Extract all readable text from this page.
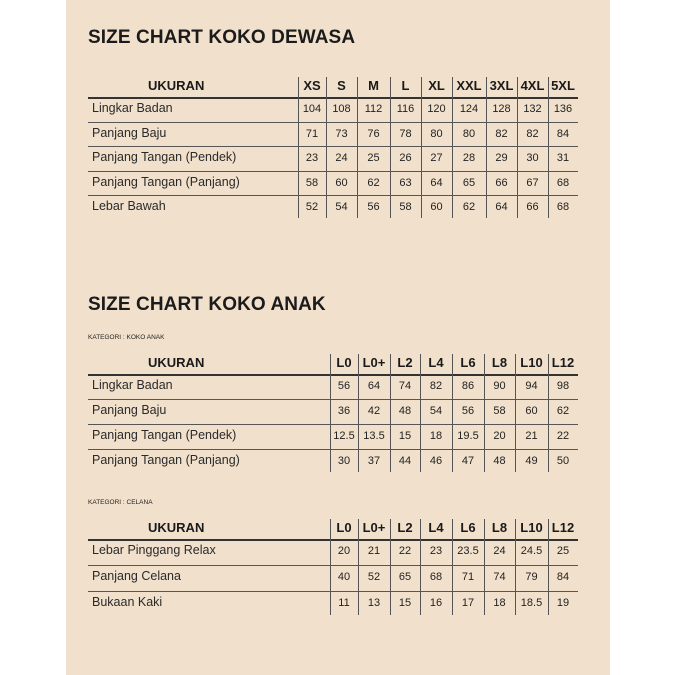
SIZE CHART KOKO DEWASA
SIZE CHART KOKO ANAK
KATEGORI : KOKO ANAK
KATEGORI : CELANA
UKURAN	XS	S	M	L	XL XXL 3XL 4XL 5XL
Lingkar Badan	104	108	112	116	120	124	128	132	136
Panjang Baju	71	73	76	78	80	80	82	82	84
Panjang Tangan (Pendek)	23	24	25	26	27	28	29	30	31
Panjang Tangan (Panjang)	58	60	62	63	64	65	66	67	68
Lebar Bawah	52	54	56	58	60	62	64	66	68
UKURAN	L0 L0+ L2	L4	L6	L8	L10 L12
Lingkar Badan	56	64	74	82	86	90	94	98
Panjang Baju	36	42	48	54	56	58	60	62
Panjang Tangan (Pendek)	12.5 13.5	15	18	19.5	20	21	22
Panjang Tangan (Panjang)	30	37	44	46	47	48	49	50
UKURAN	L0 L0+ L2	L4	L6	L8	L10 L12
Lebar Pinggang Relax	20	21	22	23	23.5	24	24.5	25
Panjang Celana	40	52	65	68	71	74	79	84
Bukaan Kaki	11	13	15	16	17	18	18.5	19
